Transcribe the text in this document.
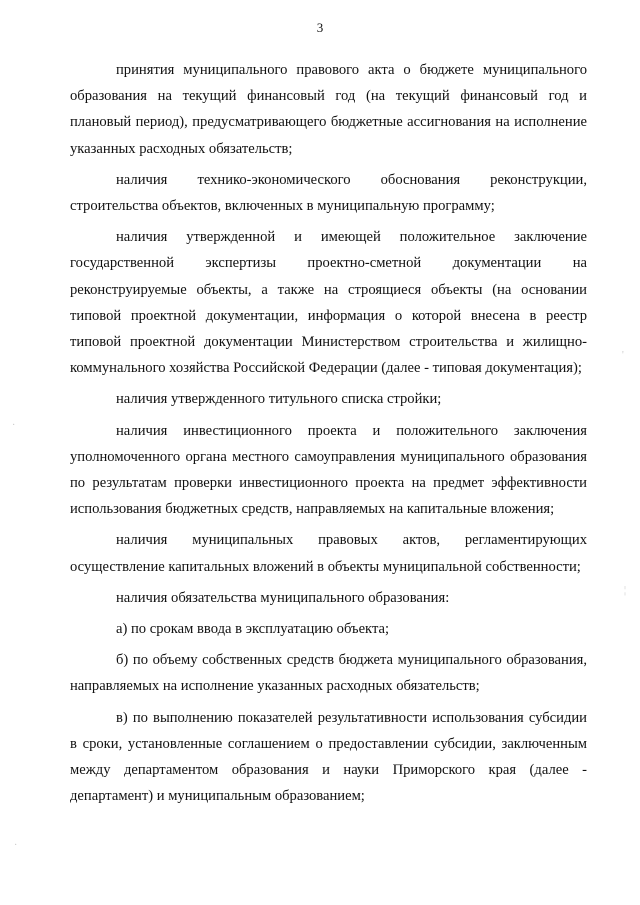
3

принятия муниципального правового акта о бюджете муниципального образования на текущий финансовый год (на текущий финансовый год и плановый период), предусматривающего бюджетные ассигнования на исполнение указанных расходных обязательств;

наличия технико-экономического обоснования реконструкции, строительства объектов, включенных в муниципальную программу;

наличия утвержденной и имеющей положительное заключение государственной экспертизы проектно-сметной документации на реконструируемые объекты, а также на строящиеся объекты (на основании типовой проектной документации, информация о которой внесена в реестр типовой проектной документации Министерством строительства и жилищно-коммунального хозяйства Российской Федерации (далее - типовая документация);

наличия утвержденного титульного списка стройки;

наличия инвестиционного проекта и положительного заключения уполномоченного органа местного самоуправления муниципального образования по результатам проверки инвестиционного проекта на предмет эффективности использования бюджетных средств, направляемых на капитальные вложения;

наличия муниципальных правовых актов, регламентирующих осуществление капитальных вложений в объекты муниципальной собственности;

наличия обязательства муниципального образования:

а) по срокам ввода в эксплуатацию объекта;

б) по объему собственных средств бюджета муниципального образования, направляемых на исполнение указанных расходных обязательств;

в) по выполнению показателей результативности использования субсидии в сроки, установленные соглашением о предоставлении субсидии, заключенным между департаментом образования и науки Приморского края (далее - департамент) и муниципальным образованием;

'
¦
·
·
